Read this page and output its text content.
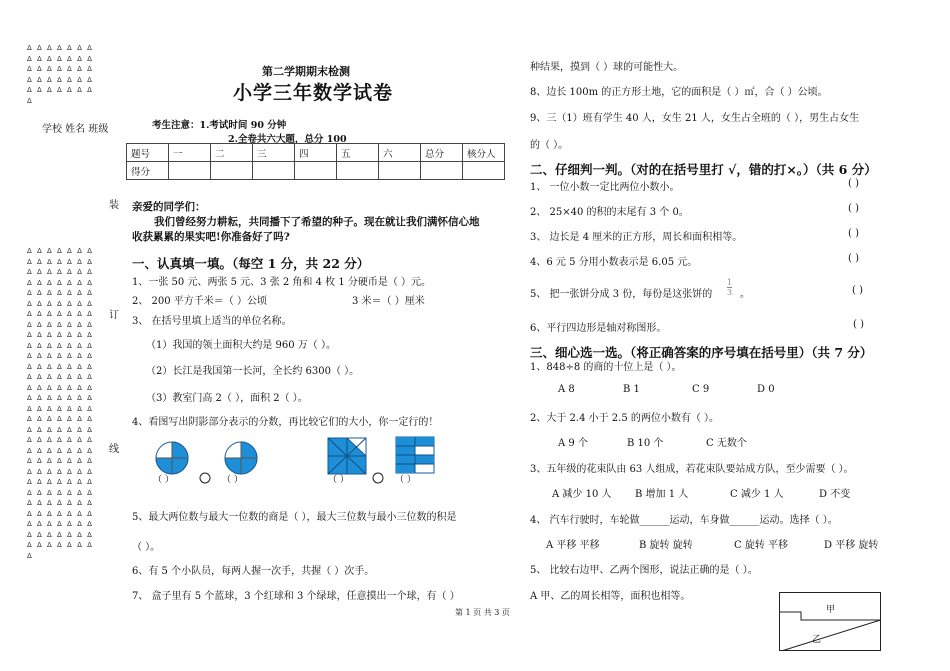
Δ Δ Δ Δ Δ Δ Δ
Δ Δ Δ Δ Δ Δ Δ
Δ Δ Δ Δ Δ Δ Δ
Δ Δ Δ Δ Δ Δ Δ
Δ Δ Δ Δ Δ Δ Δ
Δ
学校 姓名 班级
装
订
线
Δ Δ Δ Δ Δ Δ Δ
Δ Δ Δ Δ Δ Δ Δ
Δ Δ Δ Δ Δ Δ Δ
Δ Δ Δ Δ Δ Δ Δ
Δ Δ Δ Δ Δ Δ Δ
Δ Δ Δ Δ Δ Δ Δ
Δ Δ Δ Δ Δ Δ Δ
Δ Δ Δ Δ Δ Δ Δ
Δ Δ Δ Δ Δ Δ Δ
Δ Δ Δ Δ Δ Δ Δ
Δ Δ Δ Δ Δ Δ Δ
Δ Δ Δ Δ Δ Δ Δ
Δ Δ Δ Δ Δ Δ Δ
Δ Δ Δ Δ Δ Δ Δ
Δ Δ Δ Δ Δ Δ Δ
Δ Δ Δ Δ Δ Δ Δ
Δ Δ Δ Δ Δ Δ Δ
Δ Δ Δ Δ Δ Δ Δ
Δ Δ Δ Δ Δ Δ Δ
Δ Δ Δ Δ Δ Δ Δ
Δ Δ Δ Δ Δ Δ Δ
Δ Δ Δ Δ Δ Δ Δ
Δ Δ Δ Δ Δ Δ Δ
Δ Δ Δ Δ Δ Δ Δ
Δ Δ Δ Δ Δ Δ Δ
Δ Δ Δ Δ Δ Δ Δ
Δ Δ Δ Δ Δ Δ Δ
Δ Δ Δ Δ Δ Δ Δ
Δ Δ Δ Δ Δ Δ Δ
Δ
第二学期期末检测
小学三年数学试卷
考生注意：1.考试时间 90 分钟
2.全卷共六大题，总分 100
题号	一	二	三	四	五	六	总分	核分人
得分								
亲爱的同学们：
我们曾经努力耕耘，共同播下了希望的种子。现在就让我们满怀信心地
收获累累的果实吧!你准备好了吗?
一、认真填一填。（每空 1 分，共 22 分）
1、一张 50 元、两张 5 元、3 张 2 角和 4 枚 1 分硬币是（ ）元。
2、 200 平方千米＝（ ）公顷	3 米＝（ ）厘米
3、 在括号里填上适当的单位名称。
（1）我国的领土面积大约是 960 万（ ）。
（2）长江是我国第一长河，全长约 6300（ ）。
（3）教室门高 2（ ），面积 2（ ）。
4、看图写出阴影部分表示的分数，再比较它们的大小，你一定行的！
（ ）	（ ）	（ ）	（ ）
5、最大两位数与最大一位数的商是（ ），最大三位数与最小三位数的积是
（ ）。
6、有 5 个小队员，每两人握一次手，共握（ ）次手。
7、 盒子里有 5 个蓝球，3 个红球和 3 个绿球，任意摸出一个球，有（ ）
第 1 页 共 3 页
种结果，摸到（ ）球的可能性大。
8、边长 100m 的正方形土地，它的面积是（ ）㎡，合（ ）公顷。
9、三（1）班有学生 40 人，女生 21 人，女生占全班的（ ），男生占女生
的（ ）。
二、仔细判一判。（对的在括号里打 √，错的打×。）（共 6 分）
1、 一位小数一定比两位小数小。	( )
2、 25×40 的积的末尾有 3 个 0。	( )
3、 边长是 4 厘米的正方形，周长和面积相等。	( )
4、6 元 5 分用小数表示是 6.05 元。	( )
5、 把一张饼分成 3 份，每份是这张饼的 $\frac{1}{3}$ 。	( )
6、平行四边形是轴对称图形。	( )
三、细心选一选。（将正确答案的序号填在括号里）（共 7 分）
1、848÷8 的商的十位上是（ ）。
A 8	B 1	C 9	D 0
2、大于 2.4 小于 2.5 的两位小数有（ ）。
A 9 个	B 10 个	C 无数个
3、五年级的花束队由 63 人组成，若花束队要站成方队，至少需要（ ）。
A 减少 10 人 B 增加 1 人	C 减少 1 人	D 不变
4、 汽车行驶时，车轮做______运动，车身做______运动。选择（ ）。
A 平移 平移	B 旋转 旋转	C 旋转 平移	D 平移 旋转
5、 比较右边甲、乙两个图形，说法正确的是（ ）。
A 甲、乙的周长相等，面积也相等。
甲
乙
